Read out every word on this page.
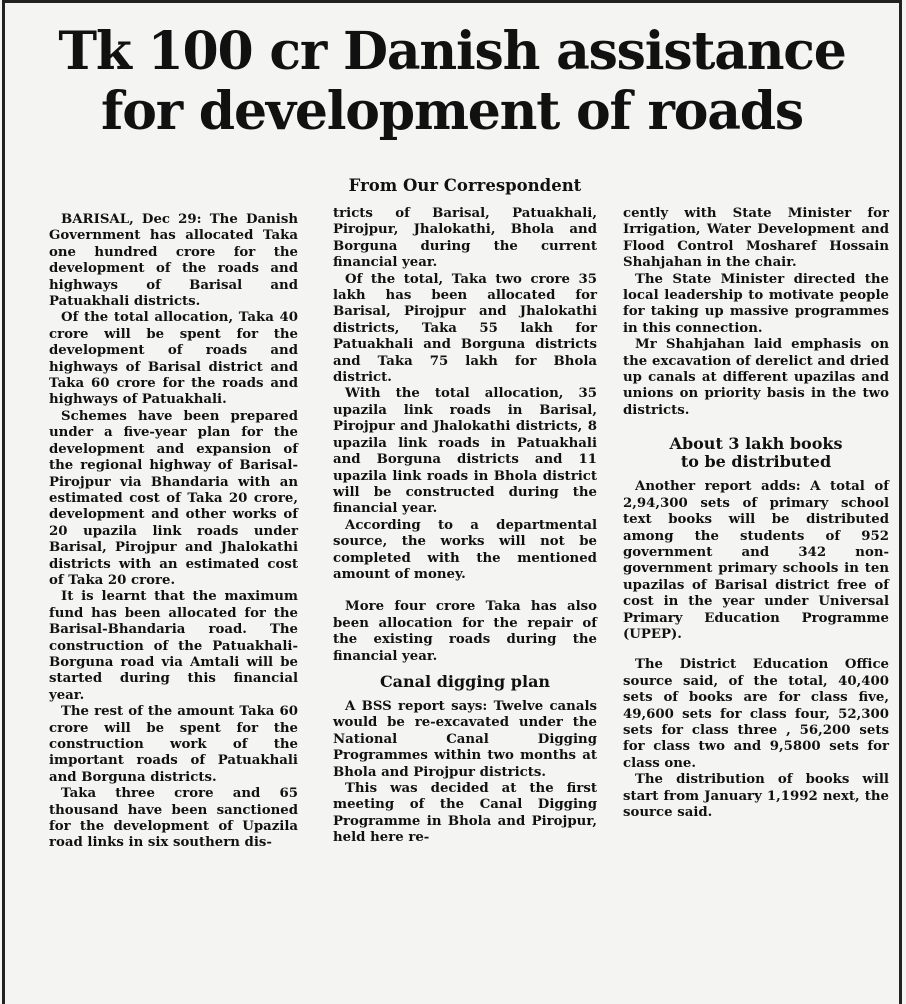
Tk 100 cr Danish assistance
for development of roads
From Our Correspondent

BARISAL, Dec 29: The Danish Government has allocated Taka one hundred crore for the development of the roads and highways of Barisal and Patuakhali districts.

Of the total allocation, Taka 40 crore will be spent for the development of roads and highways of Barisal district and Taka 60 crore for the roads and highways of Patuakhali.

Schemes have been prepared under a five-year plan for the development and expansion of the regional highway of Barisal-Pirojpur via Bhandaria with an estimated cost of Taka 20 crore, development and other works of 20 upazila link roads under Barisal, Pirojpur and Jhalokathi districts with an estimated cost of Taka 20 crore.

It is learnt that the maximum fund has been allocated for the Barisal-Bhandaria road. The construction of the Patuakhali-Borguna road via Amtali will be started during this financial year.

The rest of the amount Taka 60 crore will be spent for the construction work of the important roads of Patuakhali and Borguna districts.

Taka three crore and 65 thousand have been sanctioned for the development of Upazila road links in six southern dis-

tricts of Barisal, Patuakhali, Pirojpur, Jhalokathi, Bhola and Borguna during the current financial year.

Of the total, Taka two crore 35 lakh has been allocated for Barisal, Pirojpur and Jhalokathi districts, Taka 55 lakh for Patuakhali and Borguna districts and Taka 75 lakh for Bhola district.

With the total allocation, 35 upazila link roads in Barisal, Pirojpur and Jhalokathi districts, 8 upazila link roads in Patuakhali and Borguna districts and 11 upazila link roads in Bhola district will be constructed during the financial year.

According to a departmental source, the works will not be completed with the mentioned amount of money.

More four crore Taka has also been allocation for the repair of the existing roads during the financial year.

Canal digging plan

A BSS report says: Twelve canals would be re-excavated under the National Canal Digging Programmes within two months at Bhola and Pirojpur districts.

This was decided at the first meeting of the Canal Digging Programme in Bhola and Pirojpur, held here re-

cently with State Minister for Irrigation, Water Development and Flood Control Mosharef Hossain Shahjahan in the chair.

The State Minister directed the local leadership to motivate people for taking up massive programmes in this connection.

Mr Shahjahan laid emphasis on the excavation of derelict and dried up canals at different upazilas and unions on priority basis in the two districts.

About 3 lakh books
to be distributed

Another report adds: A total of 2,94,300 sets of primary school text books will be distributed among the students of 952 government and 342 non-government primary schools in ten upazilas of Barisal district free of cost in the year under Universal Primary Education Programme (UPEP).

The District Education Office source said, of the total, 40,400 sets of books are for class five, 49,600 sets for class four, 52,300 sets for class three , 56,200 sets for class two and 9,5800 sets for class one.

The distribution of books will start from January 1,1992 next, the source said.
